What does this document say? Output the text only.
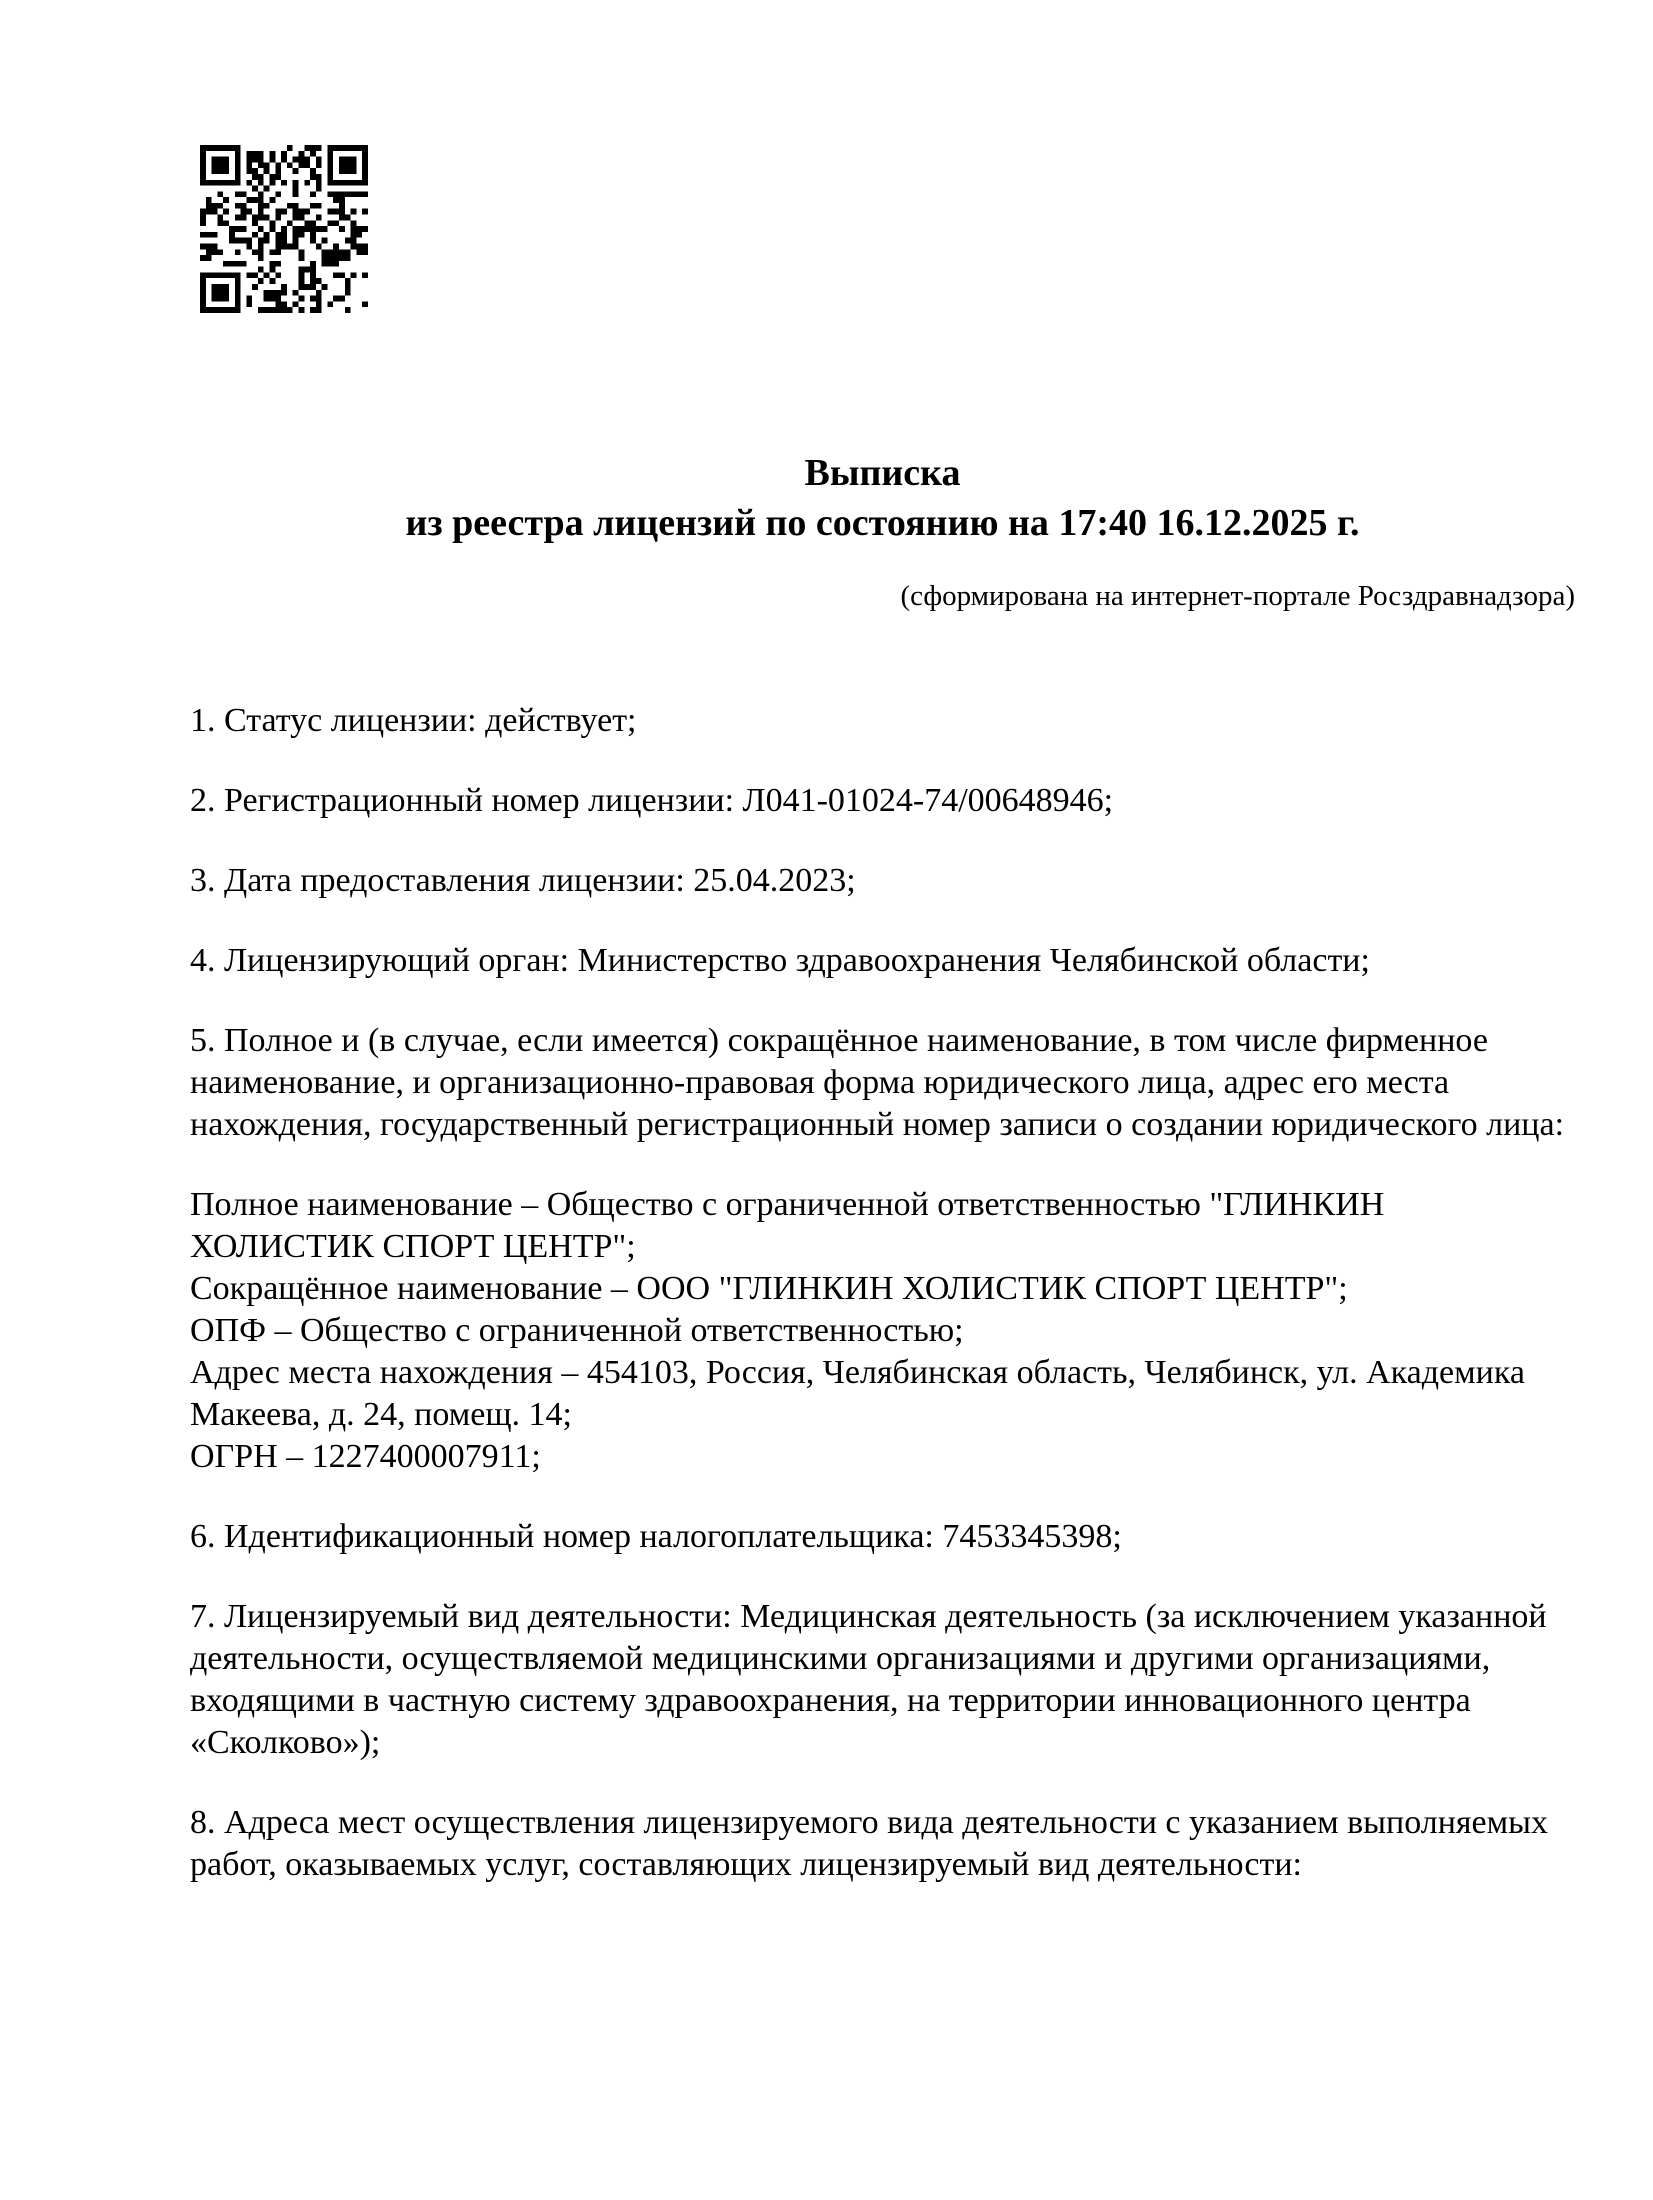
Выписка
из реестра лицензий по состоянию на 17:40 16.12.2025 г.
(сформирована на интернет-портале Росздравнадзора)

1. Статус лицензии: действует;

2. Регистрационный номер лицензии: Л041-01024-74/00648946;

3. Дата предоставления лицензии: 25.04.2023;

4. Лицензирующий орган: Министерство здравоохранения Челябинской области;

5. Полное и (в случае, если имеется) сокращённое наименование, в том числе фирменное наименование, и организационно-правовая форма юридического лица, адрес его места нахождения, государственный регистрационный номер записи о создании юридического лица:

Полное наименование – Общество с ограниченной ответственностью "ГЛИНКИН ХОЛИСТИК СПОРТ ЦЕНТР";
Сокращённое наименование – ООО "ГЛИНКИН ХОЛИСТИК СПОРТ ЦЕНТР";
ОПФ – Общество с ограниченной ответственностью;
Адрес места нахождения – 454103, Россия, Челябинская область, Челябинск, ул. Академика Макеева, д. 24, помещ. 14;
ОГРН – 1227400007911;

6. Идентификационный номер налогоплательщика: 7453345398;

7. Лицензируемый вид деятельности: Медицинская деятельность (за исключением указанной деятельности, осуществляемой медицинскими организациями и другими организациями, входящими в частную систему здравоохранения, на территории инновационного центра «Сколково»);

8. Адреса мест осуществления лицензируемого вида деятельности с указанием выполняемых работ, оказываемых услуг, составляющих лицензируемый вид деятельности:
